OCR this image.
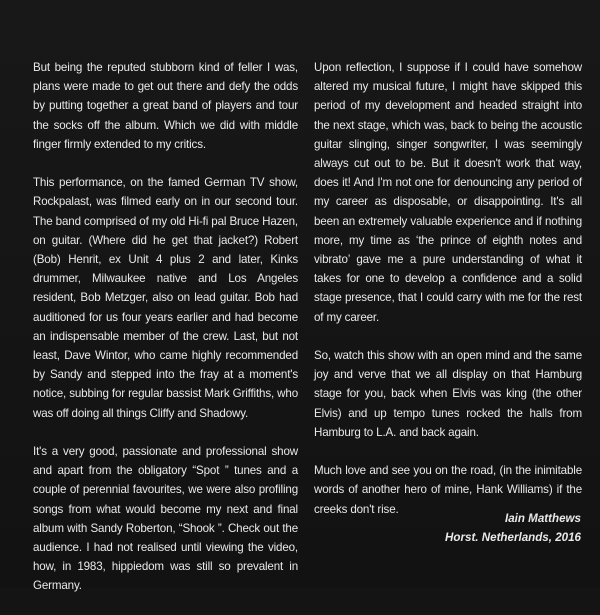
But being the reputed stubborn kind of feller I was, plans were made to get out there and defy the odds by putting together a great band of players and tour the socks off the album. Which we did with middle finger firmly extended to my critics.

This performance, on the famed German TV show, Rockpalast, was filmed early on in our second tour. The band comprised of my old Hi-fi pal Bruce Hazen, on guitar. (Where did he get that jacket?) Robert (Bob) Henrit, ex Unit 4 plus 2 and later, Kinks drummer, Milwaukee native and Los Angeles resident, Bob Metzger, also on lead guitar. Bob had auditioned for us four years earlier and had become an indispensable member of the crew. Last, but not least, Dave Wintor, who came highly recommended by Sandy and stepped into the fray at a moment's notice, subbing for regular bassist Mark Griffiths, who was off doing all things Cliffy and Shadowy.

It's a very good, passionate and professional show and apart from the obligatory “Spot ” tunes and a couple of perennial favourites, we were also profiling songs from what would become my next and final album with Sandy Roberton, “Shook ”. Check out the audience. I had not realised until viewing the video, how, in 1983, hippiedom was still so prevalent in Germany.

Upon reflection, I suppose if I could have somehow altered my musical future, I might have skipped this period of my development and headed straight into the next stage, which was, back to being the acoustic guitar slinging, singer songwriter, I was seemingly always cut out to be. But it doesn't work that way, does it! And I'm not one for denouncing any period of my career as disposable, or disappointing. It's all been an extremely valuable experience and if nothing more, my time as ‘the prince of eighth notes and vibrato’ gave me a pure understanding of what it takes for one to develop a confidence and a solid stage presence, that I could carry with me for the rest of my career.

So, watch this show with an open mind and the same joy and verve that we all display on that Hamburg stage for you, back when Elvis was king (the other Elvis) and up tempo tunes rocked the halls from Hamburg to L.A. and back again.

Much love and see you on the road, (in the inimitable words of another hero of mine, Hank Williams) if the creeks don't rise.

Iain Matthews
Horst. Netherlands, 2016
